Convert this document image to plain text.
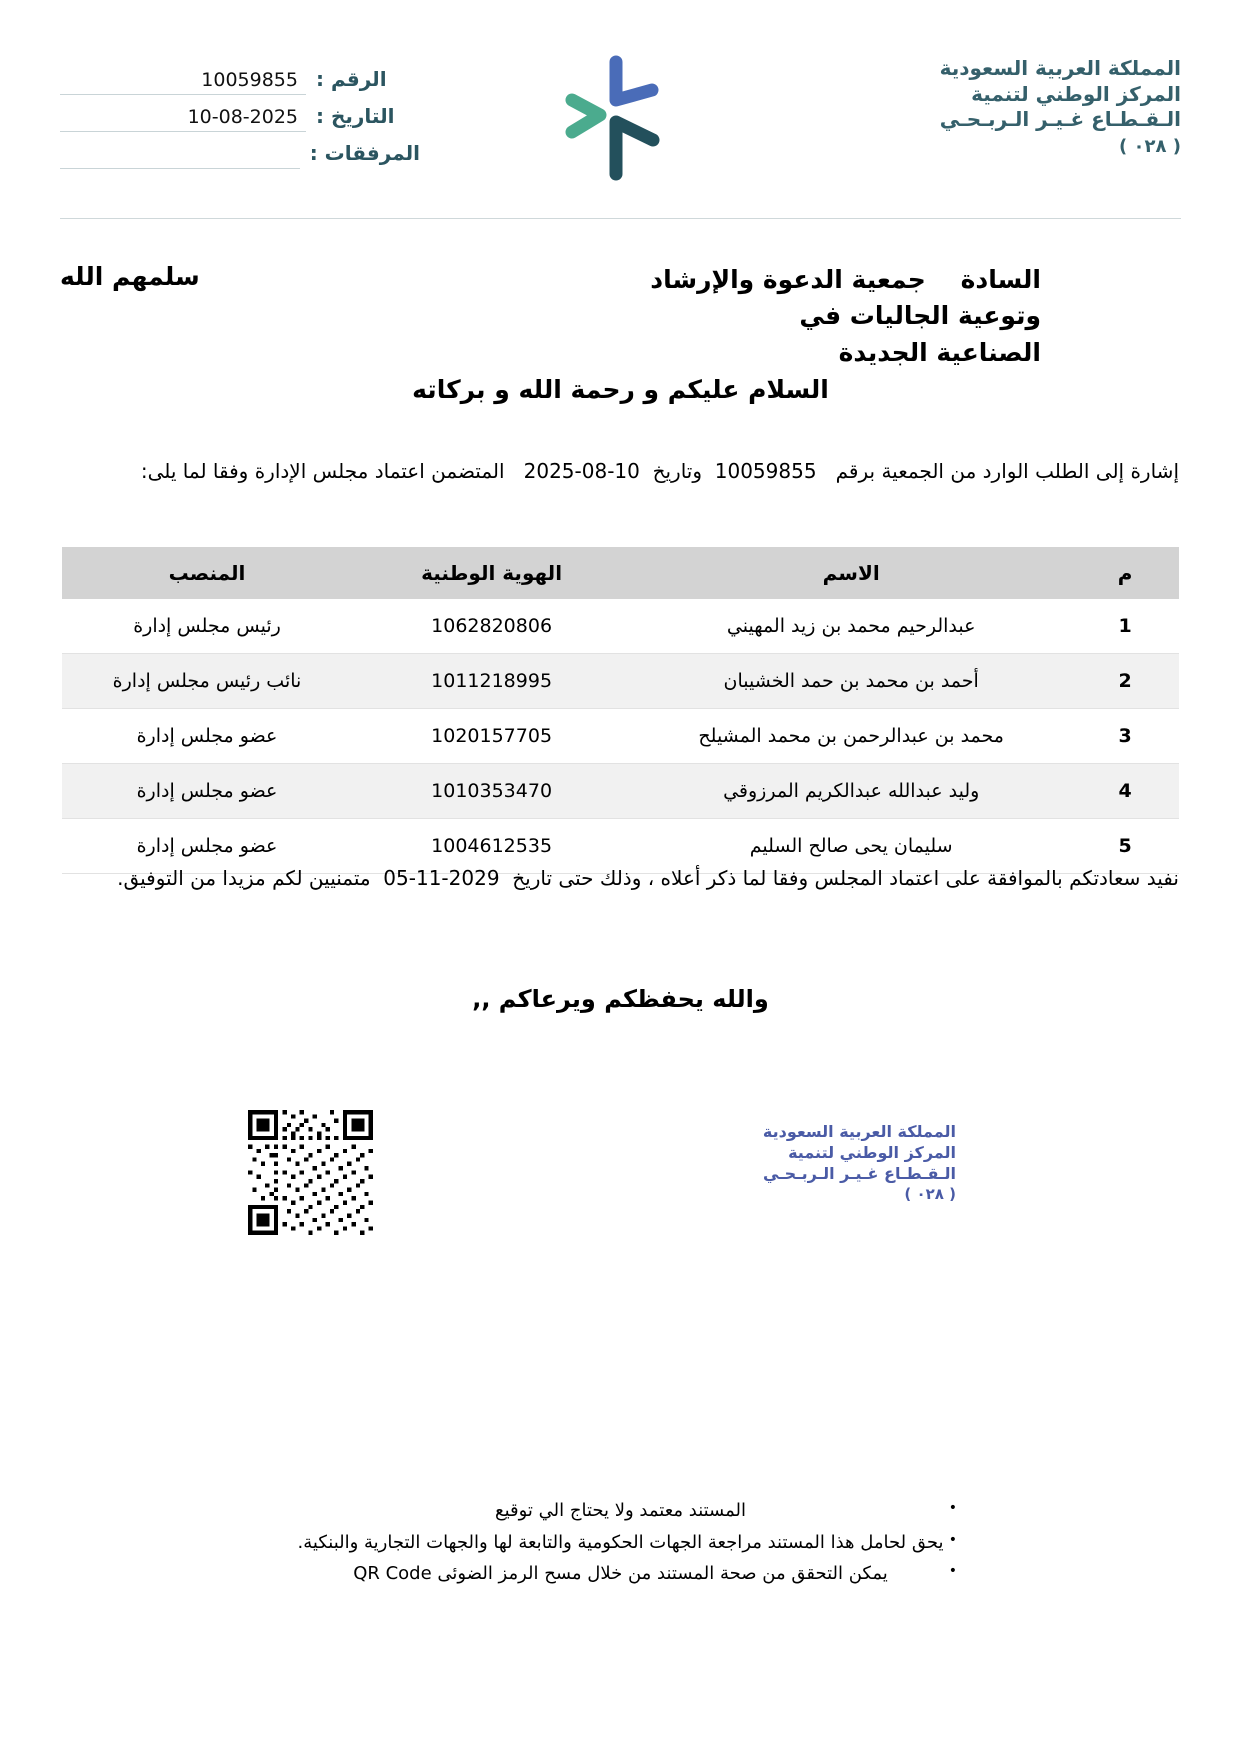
الرقم :
10059855
التاريخ :
10-08-2025
المرفقات :
المملكة العربية السعودية
المركز الوطني لتنمية
الـقـطـاع غـيـر الـربـحـي
( ٠٢٨ )
السادة    جمعية الدعوة والإرشاد
وتوعية الجاليات في
الصناعية الجديدة
سلمهم الله
السلام عليكم و رحمة الله و بركاته
إشارة إلى الطلب الوارد من الجمعية برقم   10059855  وتاريخ  2025-08-10   المتضمن اعتماد مجلس الإدارة وفقا لما يلى:
م	الاسم	الهوية الوطنية	المنصب
1	عبدالرحيم محمد بن زيد المهيني	1062820806	رئيس مجلس إدارة
2	أحمد بن محمد بن حمد الخشيبان	1011218995	نائب رئيس مجلس إدارة
3	محمد بن عبدالرحمن بن محمد المشيلح	1020157705	عضو مجلس إدارة
4	وليد عبدالله عبدالكريم المرزوقي	1010353470	عضو مجلس إدارة
5	سليمان يحى صالح السليم	1004612535	عضو مجلس إدارة
نفيد سعادتكم بالموافقة على اعتماد المجلس وفقا لما ذكر أعلاه ، وذلك حتى تاريخ  2029-11-05  متمنيين لكم مزيدا من التوفيق.
والله يحفظكم ويرعاكم ,,
المملكة العربية السعودية
المركز الوطني لتنمية
الـقـطـاع غـيـر الـربـحـي
( ٠٢٨ )
•
المستند معتمد ولا يحتاج الي توقيع
•
يحق لحامل هذا المستند مراجعة الجهات الحكومية والتابعة لها والجهات التجارية والبنكية.
•
يمكن التحقق من صحة المستند من خلال مسح الرمز الضوئى QR Code
